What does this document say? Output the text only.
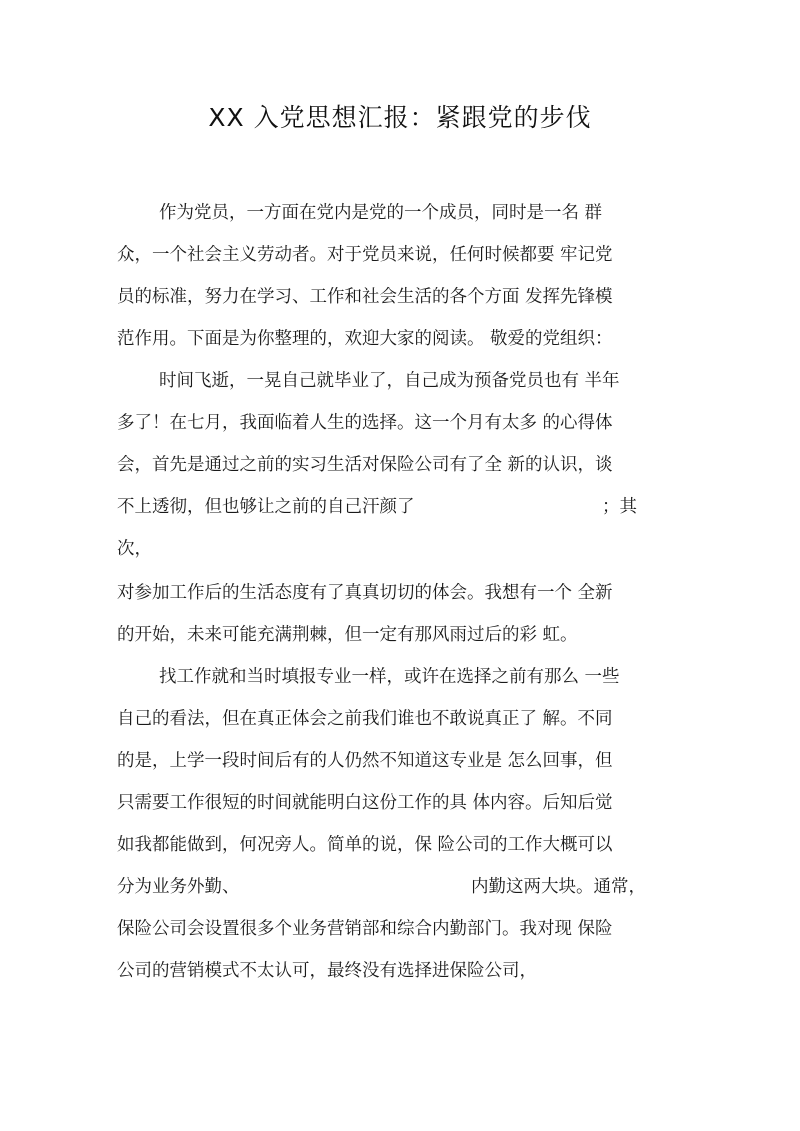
XX 入党思想汇报：紧跟党的步伐
作为党员，一方面在党内是党的一个成员，同时是一名 群
众，一个社会主义劳动者。对于党员来说，任何时候都要 牢记党
员的标准，努力在学习、工作和社会生活的各个方面 发挥先锋模
范作用。下面是为你整理的，欢迎大家的阅读。 敬爱的党组织：
时间飞逝，一晃自己就毕业了，自己成为预备党员也有 半年
多了！在七月，我面临着人生的选择。这一个月有太多 的心得体
会，首先是通过之前的实习生活对保险公司有了全 新的认识，谈
不上透彻，但也够让之前的自己汗颜了	；其
次，
对参加工作后的生活态度有了真真切切的体会。我想有一个 全新
的开始，未来可能充满荆棘，但一定有那风雨过后的彩 虹。
找工作就和当时填报专业一样，或许在选择之前有那么 一些
自己的看法，但在真正体会之前我们谁也不敢说真正了 解。不同
的是，上学一段时间后有的人仍然不知道这专业是 怎么回事，但
只需要工作很短的时间就能明白这份工作的具 体内容。后知后觉
如我都能做到，何况旁人。简单的说，保 险公司的工作大概可以
分为业务外勤、	内勤这两大块。通常，
保险公司会设置很多个业务营销部和综合内勤部门。我对现 保险
公司的营销模式不太认可，最终没有选择进保险公司，
